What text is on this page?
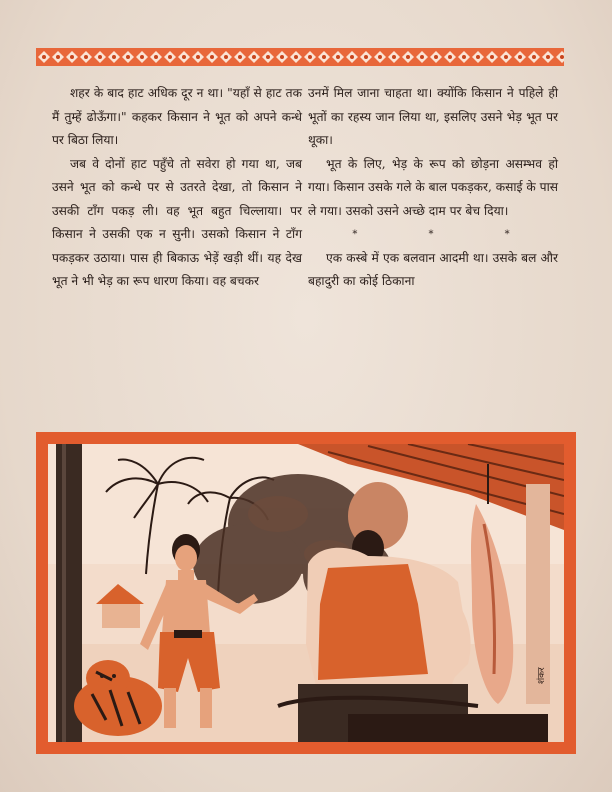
शहर के बाद हाट अधिक दूर न था। "यहाँ से हाट तक मैं तुम्हें ढोऊँगा।" कहकर किसान ने भूत को अपने कन्धे पर बिठा लिया।

जब वे दोनों हाट पहुँचे तो सवेरा हो गया था, जब उसने भूत को कन्धे पर से उतरते देखा, तो किसान ने उसकी टाँग पकड़ ली। वह भूत बहुत चिल्लाया। पर किसान ने उसकी एक न सुनी। उसको किसान ने टाँग पकड़कर उठाया। पास ही बिकाऊ भेड़ें खड़ी थीं। यह देख भूत ने भी भेड़ का रूप धारण किया। वह बचकर

उनमें मिल जाना चाहता था। क्योंकि किसान ने पहिले ही भूतों का रहस्य जान लिया था, इसलिए उसने भेड़ भूत पर थूका।

भूत के लिए, भेड़ के रूप को छोड़ना असम्भव हो गया। किसान उसके गले के बाल पकड़कर, कसाई के पास ले गया। उसको उसने अच्छे दाम पर बेच दिया।

* * *

एक कस्बे में एक बलवान आदमी था। उसके बल और बहादुरी का कोई ठिकाना

शंकर
